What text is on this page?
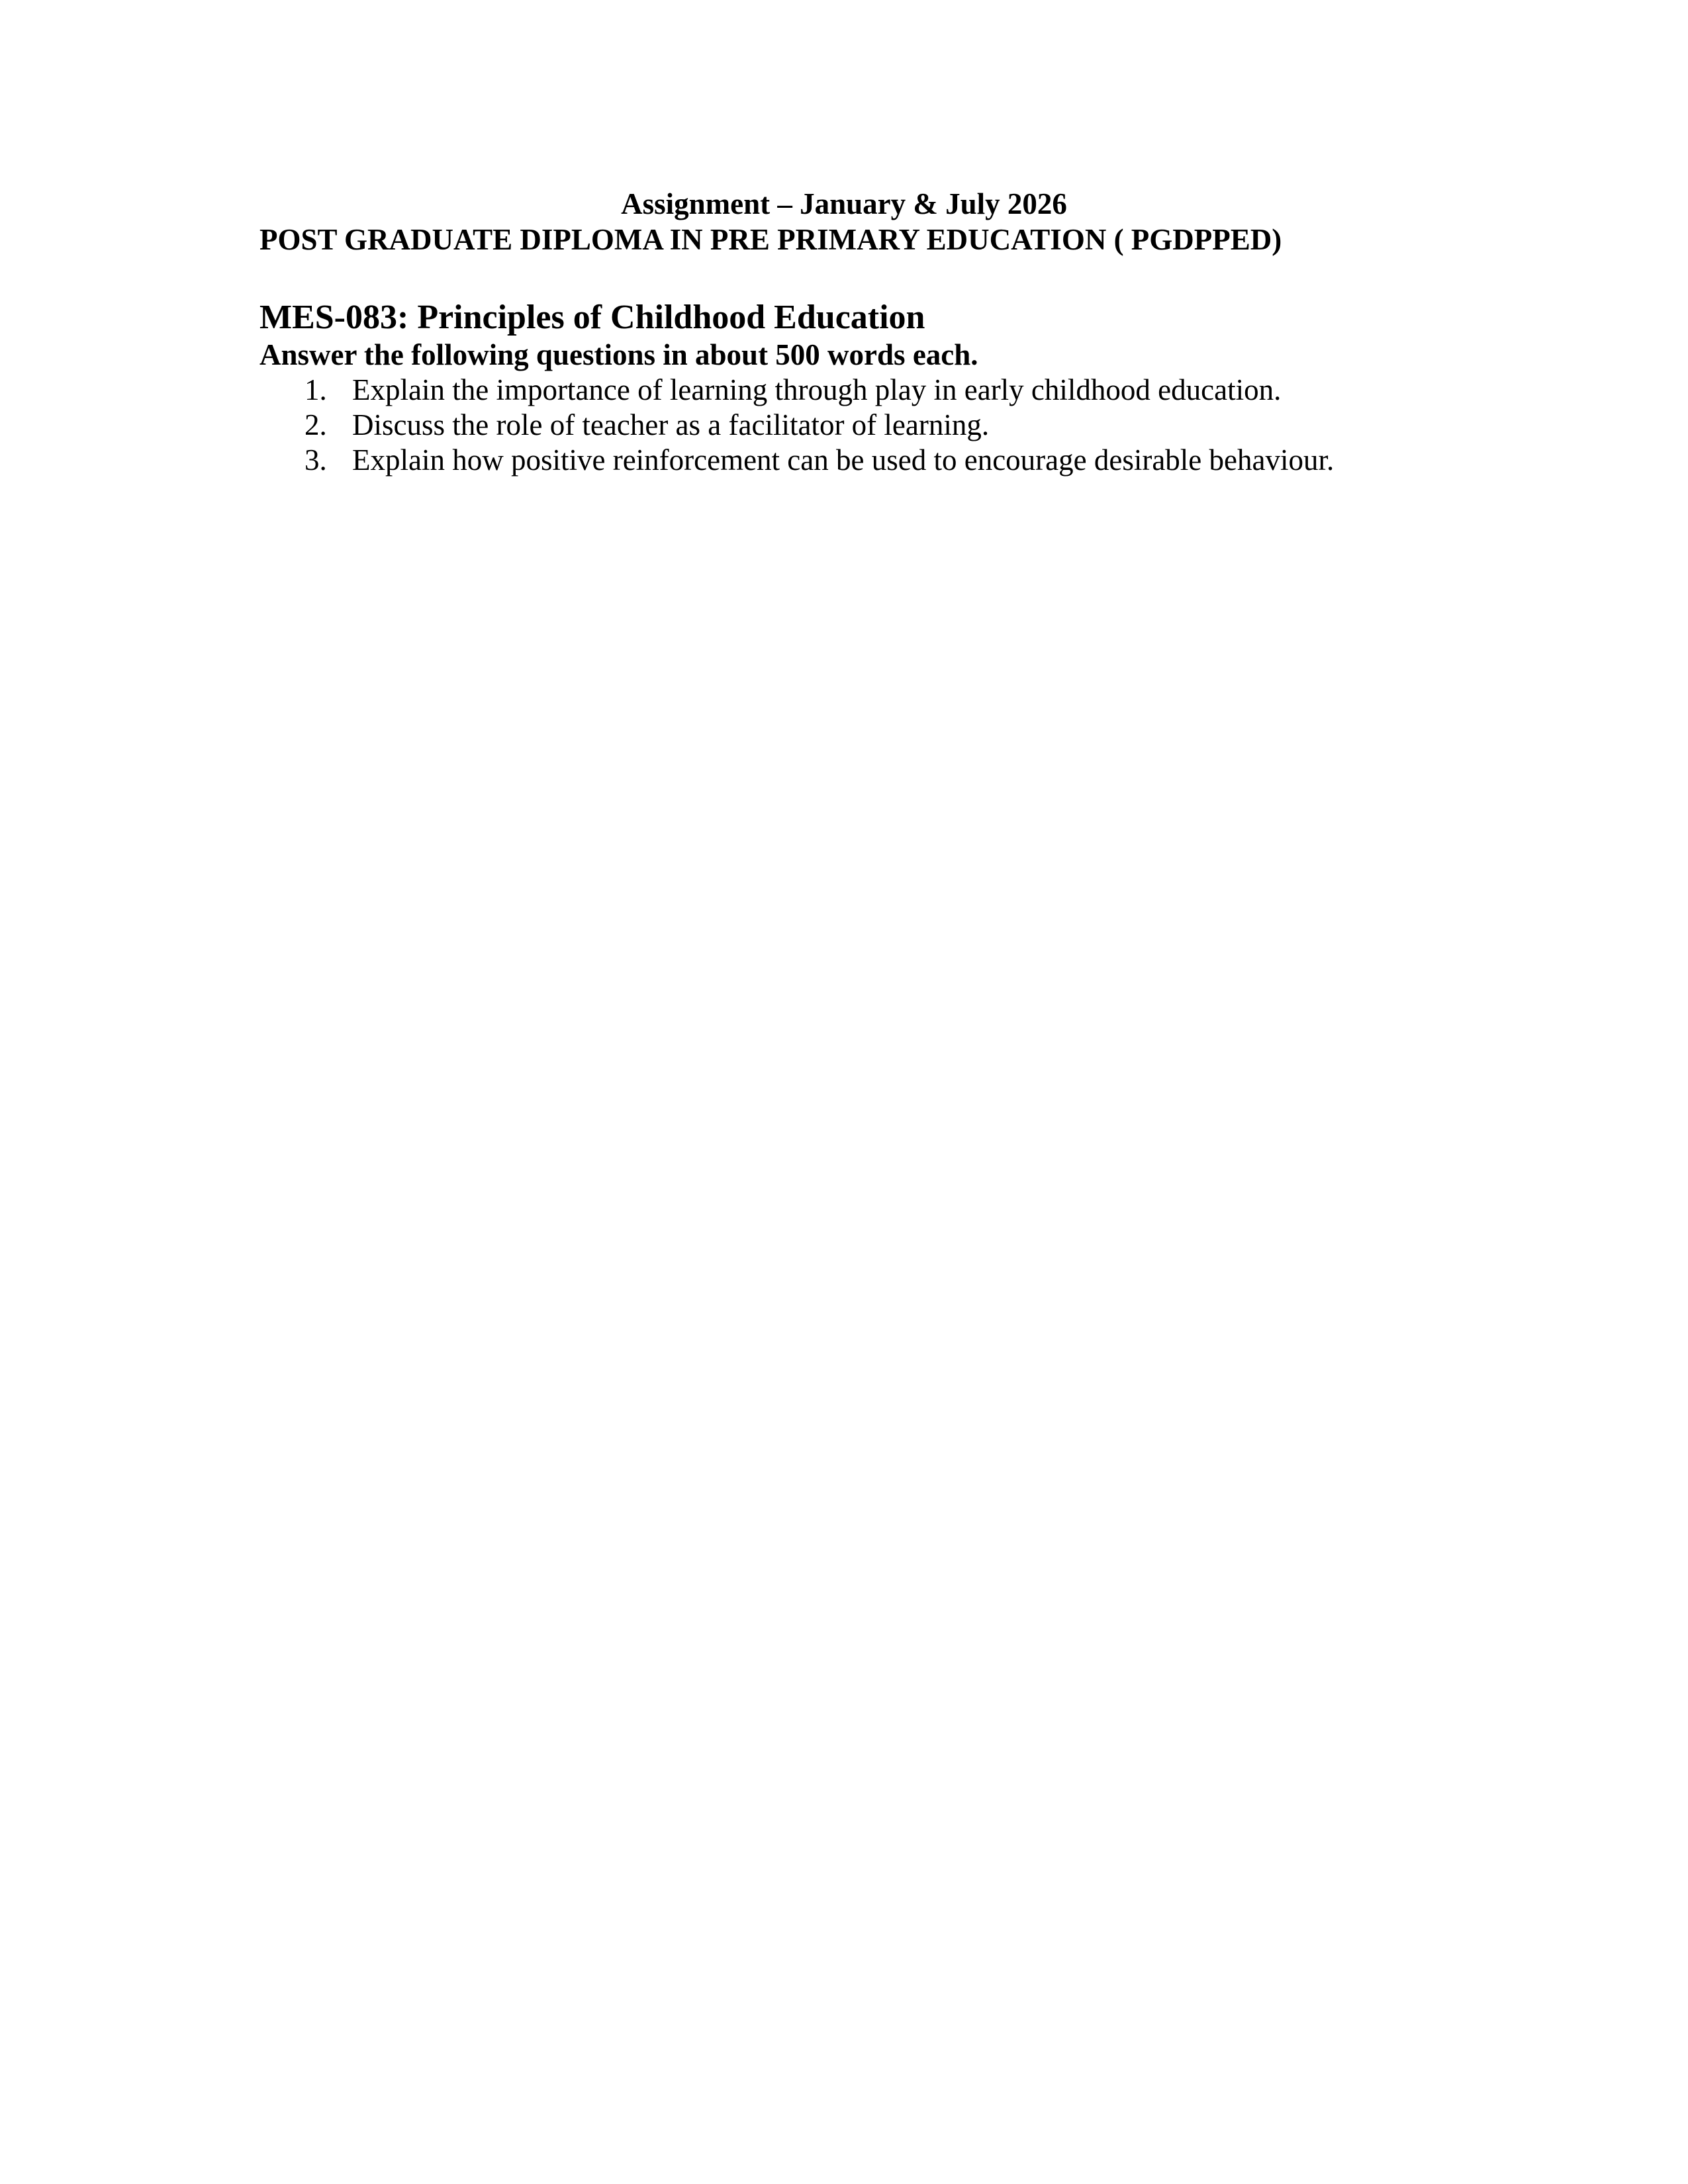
Assignment – January & July 2026
POST GRADUATE DIPLOMA IN PRE PRIMARY EDUCATION ( PGDPPED)
MES-083: Principles of Childhood Education
Answer the following questions in about 500 words each.
1. Explain the importance of learning through play in early childhood education.
2. Discuss the role of teacher as a facilitator of learning.
3. Explain how positive reinforcement can be used to encourage desirable behaviour.
